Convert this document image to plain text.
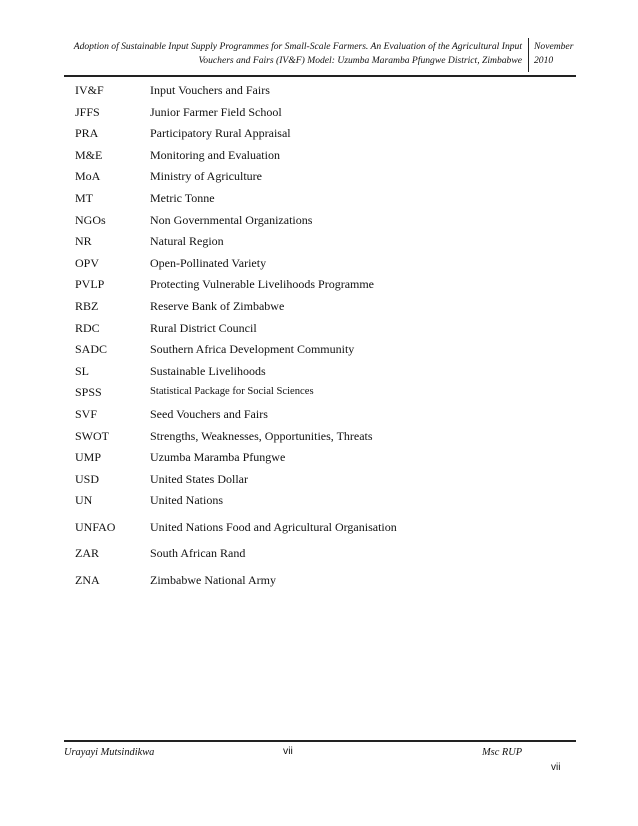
Adoption of Sustainable Input Supply Programmes for Small-Scale Farmers. An Evaluation of the Agricultural Input
Vouchers and Fairs (IV&F) Model: Uzumba Maramba Pfungwe District, Zimbabwe
November
2010
IV&F	Input Vouchers and Fairs
JFFS	Junior Farmer Field School
PRA	Participatory Rural Appraisal
M&E	Monitoring and Evaluation
MoA	Ministry of Agriculture
MT	Metric Tonne
NGOs	Non Governmental Organizations
NR	Natural Region
OPV	Open-Pollinated Variety
PVLP	Protecting Vulnerable Livelihoods Programme
RBZ	Reserve Bank of Zimbabwe
RDC	Rural District Council
SADC	Southern Africa Development Community
SL	Sustainable Livelihoods
SPSS	Statistical Package for Social Sciences
SVF	Seed Vouchers and Fairs
SWOT	Strengths, Weaknesses, Opportunities, Threats
UMP	Uzumba Maramba Pfungwe
USD	United States Dollar
UN	United Nations
UNFAO	United Nations Food and Agricultural Organisation
ZAR	South African Rand
ZNA	Zimbabwe National Army
Urayayi Mutsindikwa	vii	Msc RUP
vii
